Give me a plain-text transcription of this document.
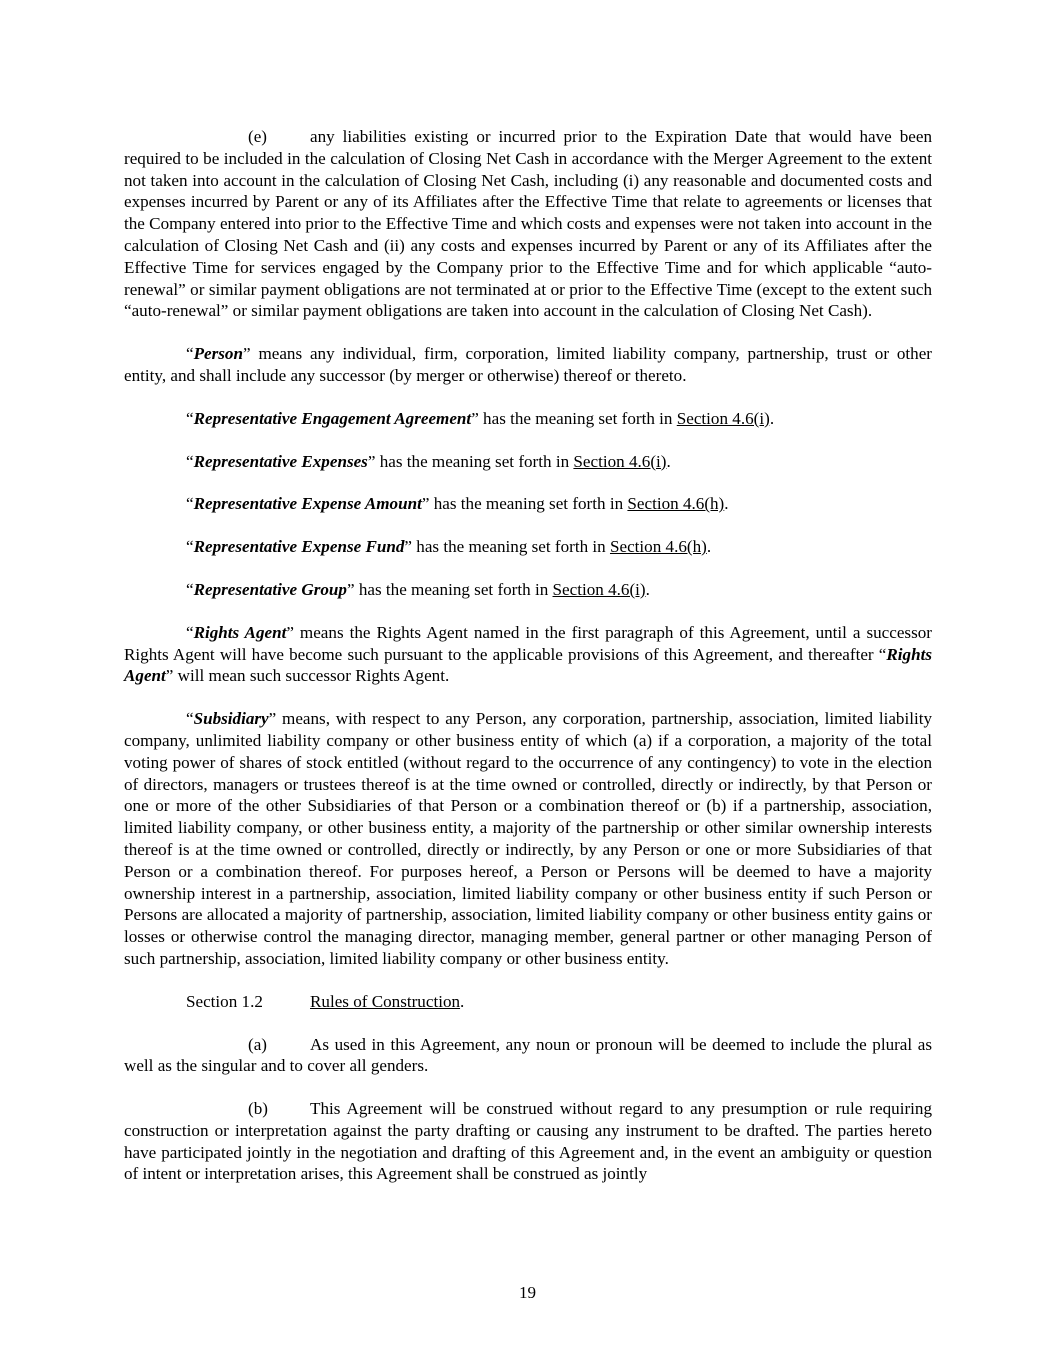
(e)	any liabilities existing or incurred prior to the Expiration Date that would have been required to be included in the calculation of Closing Net Cash in accordance with the Merger Agreement to the extent not taken into account in the calculation of Closing Net Cash, including (i) any reasonable and documented costs and expenses incurred by Parent or any of its Affiliates after the Effective Time that relate to agreements or licenses that the Company entered into prior to the Effective Time and which costs and expenses were not taken into account in the calculation of Closing Net Cash and (ii) any costs and expenses incurred by Parent or any of its Affiliates after the Effective Time for services engaged by the Company prior to the Effective Time and for which applicable “auto-renewal” or similar payment obligations are not terminated at or prior to the Effective Time (except to the extent such “auto-renewal” or similar payment obligations are taken into account in the calculation of Closing Net Cash).

“Person” means any individual, firm, corporation, limited liability company, partnership, trust or other entity, and shall include any successor (by merger or otherwise) thereof or thereto.

“Representative Engagement Agreement” has the meaning set forth in Section 4.6(i).

“Representative Expenses” has the meaning set forth in Section 4.6(i).

“Representative Expense Amount” has the meaning set forth in Section 4.6(h).

“Representative Expense Fund” has the meaning set forth in Section 4.6(h).

“Representative Group” has the meaning set forth in Section 4.6(i).

“Rights Agent” means the Rights Agent named in the first paragraph of this Agreement, until a successor Rights Agent will have become such pursuant to the applicable provisions of this Agreement, and thereafter “Rights Agent” will mean such successor Rights Agent.

“Subsidiary” means, with respect to any Person, any corporation, partnership, association, limited liability company, unlimited liability company or other business entity of which (a) if a corporation, a majority of the total voting power of shares of stock entitled (without regard to the occurrence of any contingency) to vote in the election of directors, managers or trustees thereof is at the time owned or controlled, directly or indirectly, by that Person or one or more of the other Subsidiaries of that Person or a combination thereof or (b) if a partnership, association, limited liability company, or other business entity, a majority of the partnership or other similar ownership interests thereof is at the time owned or controlled, directly or indirectly, by any Person or one or more Subsidiaries of that Person or a combination thereof. For purposes hereof, a Person or Persons will be deemed to have a majority ownership interest in a partnership, association, limited liability company or other business entity if such Person or Persons are allocated a majority of partnership, association, limited liability company or other business entity gains or losses or otherwise control the managing director, managing member, general partner or other managing Person of such partnership, association, limited liability company or other business entity.

Section 1.2	Rules of Construction.

(a)	As used in this Agreement, any noun or pronoun will be deemed to include the plural as well as the singular and to cover all genders.

(b) This Agreement will be construed without regard to any presumption or rule requiring construction or interpretation against the party drafting or causing any instrument to be drafted. The parties hereto have participated jointly in the negotiation and drafting of this Agreement and, in the event an ambiguity or question of intent or interpretation arises, this Agreement shall be construed as jointly

19
